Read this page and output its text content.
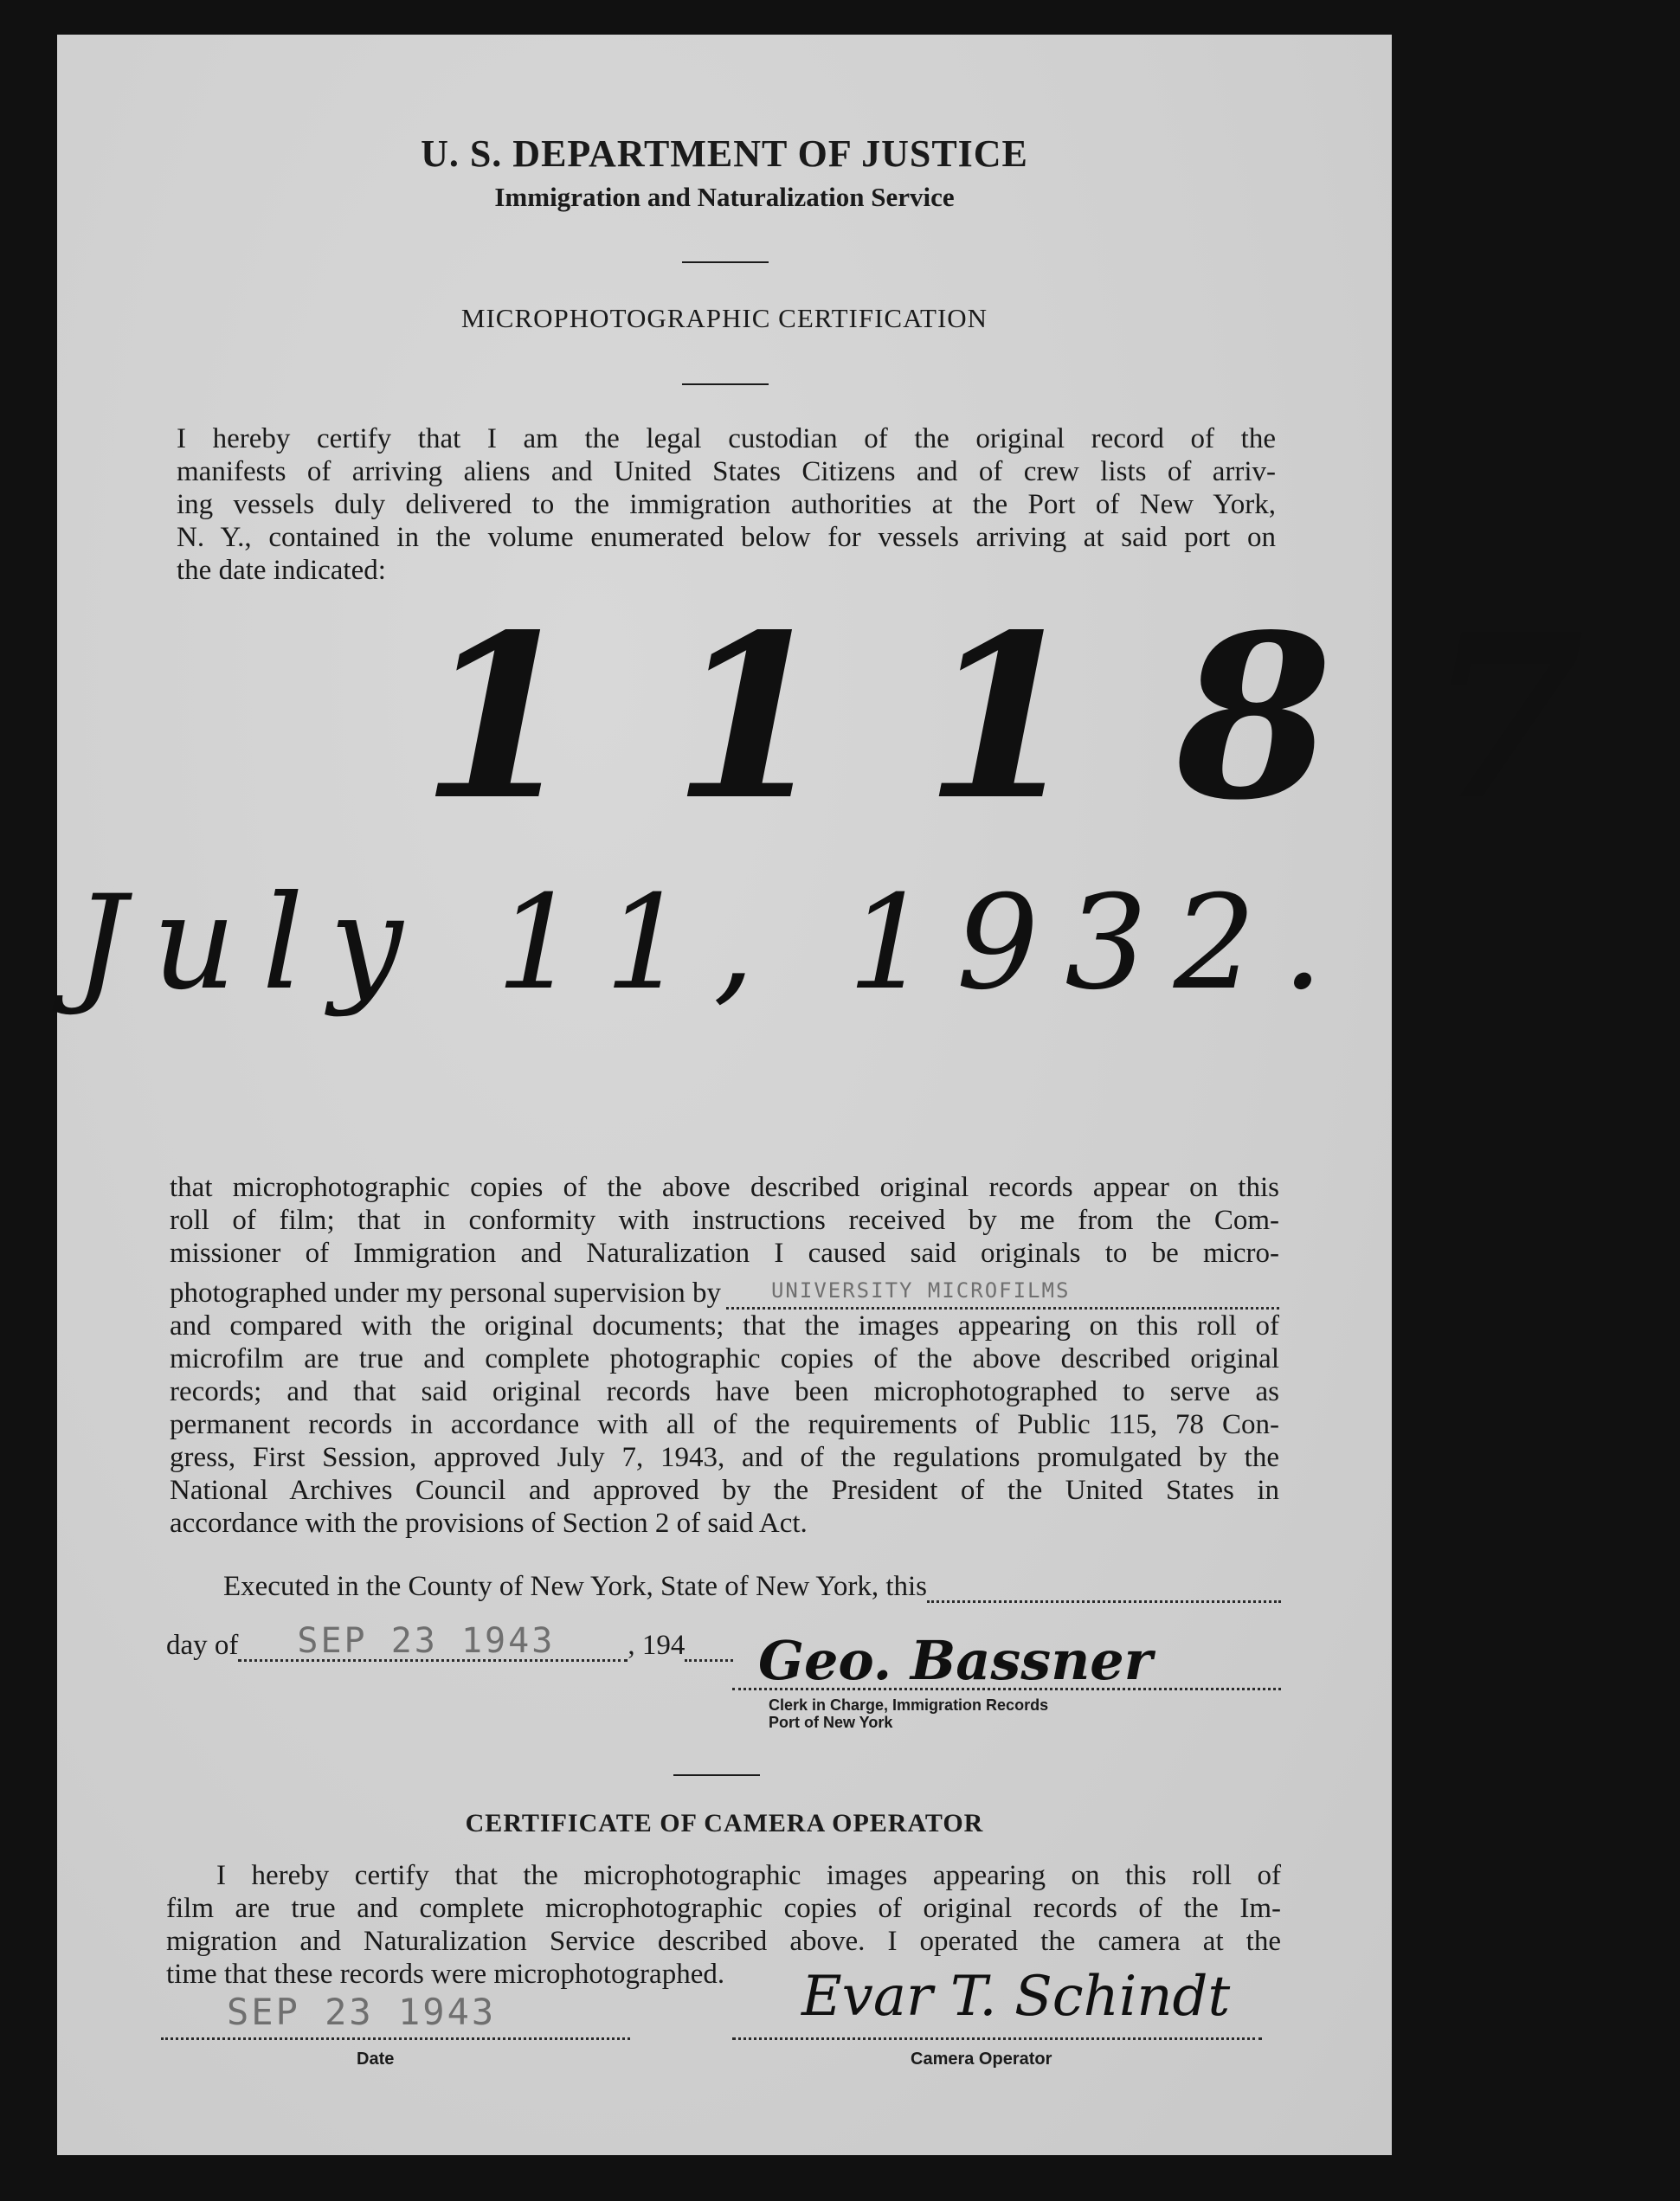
U. S. DEPARTMENT OF JUSTICE
Immigration and Naturalization Service
MICROPHOTOGRAPHIC CERTIFICATION
I hereby certify that I am the legal custodian of the original record of the
manifests of arriving aliens and United States Citizens and of crew lists of arriv-
ing vessels duly delivered to the immigration authorities at the Port of New York,
N. Y., contained in the volume enumerated below for vessels arriving at said port on
the date indicated:
11187
July 11, 1932.
that microphotographic copies of the above described original records appear on this
roll of film; that in conformity with instructions received by me from the Com-
missioner of Immigration and Naturalization I caused said originals to be micro-
photographed under my personal supervision by UNIVERSITY MICROFILMS
and compared with the original documents; that the images appearing on this roll of
microfilm are true and complete photographic copies of the above described original
records; and that said original records have been microphotographed to serve as
permanent records in accordance with all of the requirements of Public 115, 78 Con-
gress, First Session, approved July 7, 1943, and of the regulations promulgated by the
National Archives Council and approved by the President of the United States in
accordance with the provisions of Section 2 of said Act.
Executed in the County of New York, State of New York, this
day of SEP 23 1943	, 194 Geo. Bassner
Clerk in Charge, Immigration Records
Port of New York
CERTIFICATE OF CAMERA OPERATOR
I hereby certify that the microphotographic images appearing on this roll of
film are true and complete microphotographic copies of original records of the Im-
migration and Naturalization Service described above. I operated the camera at the
time that these records were microphotographed.
SEP 23 1943
Date
Evar T. Schindt
Camera Operator
